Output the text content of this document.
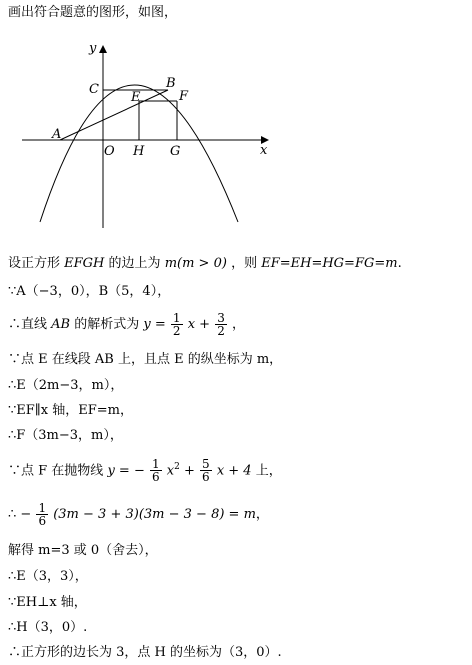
画出符合题意的图形，如图，
y
x
A
B
C
E	F
O H G
设正方形 EFGH 的边上为 m(m > 0) ，则 EF=EH=HG=FG=m.
∵A（−3，0），B（5，4），
∴直线 AB 的解析式为 $y = \frac{1}{2}$ $x + \frac{3}{2}$ ，
∵点 E 在线段 AB 上，且点 E 的纵坐标为 m，
∴E（2m−3，m），
∵EF∥x 轴，EF=m，
∴F（3m−3，m），
∵点 F 在抛物线 y = − $\frac{1}{6} x^2 + \frac{5}{6}$ x + 4 上，
∴ − $\frac{1}{6} (3m - 3 + 3)(3m - 3 - 8) = m$，
解得 m=3 或 0（舍去），
∴E（3，3），
∵EH⊥x 轴，
∴H（3，0）.
∴正方形的边长为 3，点 H 的坐标为（3，0）.
